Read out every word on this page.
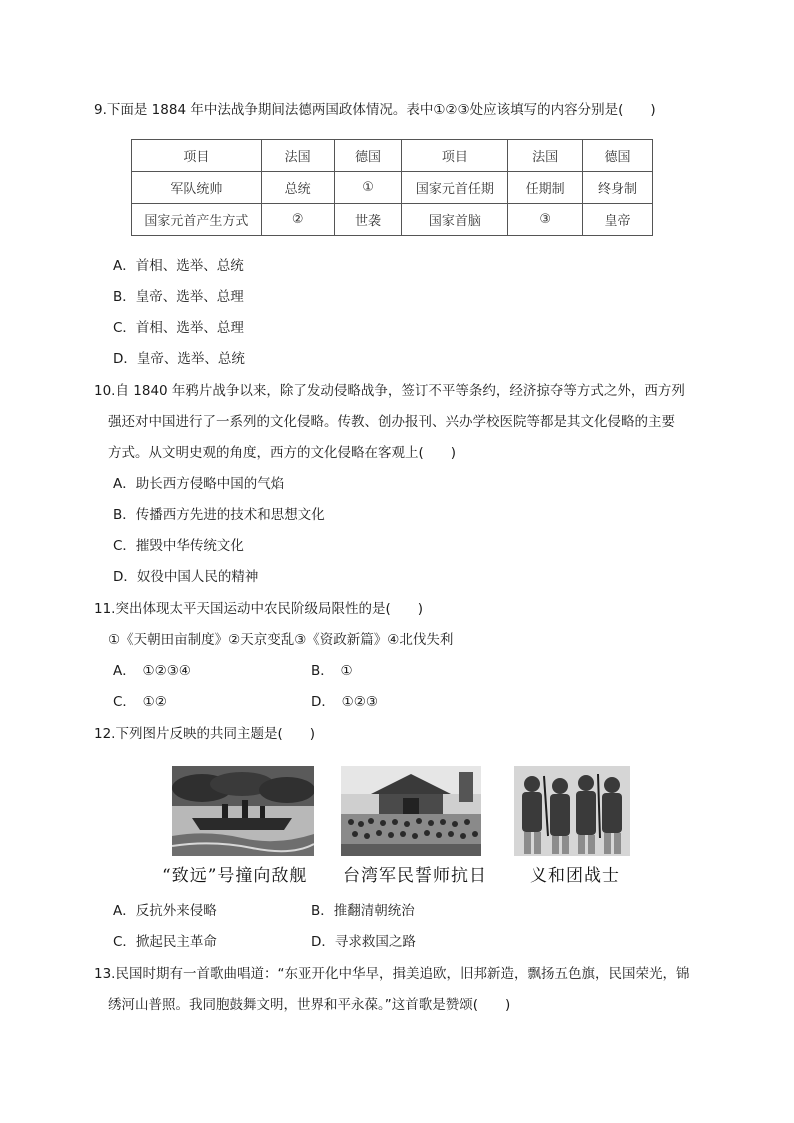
9.下面是 1884 年中法战争期间法德两国政体情况。表中①②③处应该填写的内容分别是(　　)
项目	法国	德国	项目	法国	德国
军队统帅	总统	①	国家元首任期	任期制	终身制
国家元首产生方式	②	世袭	国家首脑	③	皇帝
A．首相、选举、总统
B．皇帝、选举、总理
C．首相、选举、总理
D．皇帝、选举、总统
10.自 1840 年鸦片战争以来，除了发动侵略战争，签订不平等条约，经济掠夺等方式之外，西方列
强还对中国进行了一系列的文化侵略。传教、创办报刊、兴办学校医院等都是其文化侵略的主要
方式。从文明史观的角度，西方的文化侵略在客观上(　　)
A．助长西方侵略中国的气焰
B．传播西方先进的技术和思想文化
C．摧毁中华传统文化
D．奴役中国人民的精神
11.突出体现太平天国运动中农民阶级局限性的是(　　)
①《天朝田亩制度》②天京变乱③《资政新篇》④北伐失利
A．　①②③④	B．　①
C．　①②	D．　①②③
12.下列图片反映的共同主题是(　　)
“致远”号撞向敌舰 台湾军民誓师抗日	义和团战士
A．反抗外来侵略	B．推翻清朝统治
C．掀起民主革命	D．寻求救国之路
13.民国时期有一首歌曲唱道：“东亚开化中华早，揖美追欧，旧邦新造，飘扬五色旗，民国荣光，锦
绣河山普照。我同胞鼓舞文明，世界和平永葆。”这首歌是赞颂(　　)
